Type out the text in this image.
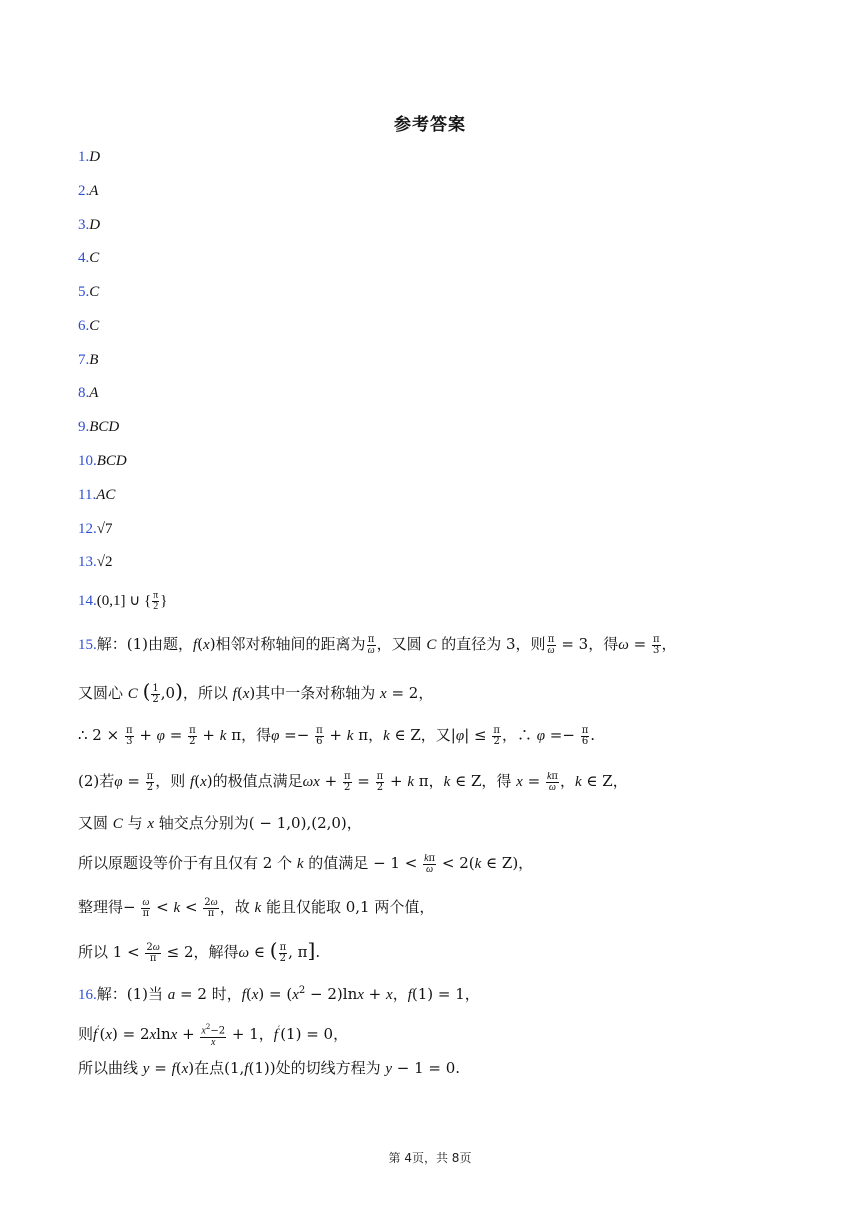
参考答案
1.D
2.A
3.D
4.C
5.C
6.C
7.B
8.A
9.BCD
10.BCD
11.AC
12.√7
13.√2
14.(0,1] ∪ { $\frac{\pi}{2}$ }
15.解：(1)由题，f(x)相邻对称轴间的距离为 $\frac{\pi}{\omega}$ ，又圆 C 的直径为 3，则 $\frac{\pi}{\omega} = 3$，得$\omega = \frac{\pi}{3}$ ，
又圆心 C ( $\frac{1}{2} ,0$)，所以 f(x)其中一条对称轴为 x = 2，
∴ $2 \times \frac{\pi}{3} + \varphi = \frac{\pi}{2} + k$ π，得$\varphi =- \frac{\pi}{6} + k$ π，k ∈ Z，又$|\varphi| \le \frac{\pi}{2}$ ，∴ $\varphi =- \frac{\pi}{6}$ .
(2)若$\varphi = \frac{\pi}{2}$ ，则 f(x)的极值点满足$\omega x + \frac{\pi}{2} = \frac{\pi}{2} + k$ π，k ∈ Z，得 $x = \frac{k\pi}{\omega}$ ，k ∈ Z，
又圆 C 与 x 轴交点分别为( − 1,0),(2,0)，
所以原题设等价于有且仅有 2 个 k 的值满足 − $1 < \frac{k\pi}{\omega} < 2(k$ ∈ Z)，
整理得− $\frac{\omega}{\pi} < k < \frac{2\omega}{\pi}$ ，故 k 能且仅能取 0,1 两个值，
所以 $1 < \frac{2\omega}{\pi} \le 2$，解得ω ∈ ( $\frac{\pi}{2}$ , π].
16.解：(1)当 a = 2 时，$f(x) = (x^2 - 2)\ln x + x$，f(1) = 1，
则$f'(x) = 2xlnx + \frac{x^2-2}{x} + 1$，f′(1) = 0，
所以曲线 y = f(x)在点(1,f(1))处的切线方程为 y − 1 = 0.
第 4页，共 8页
